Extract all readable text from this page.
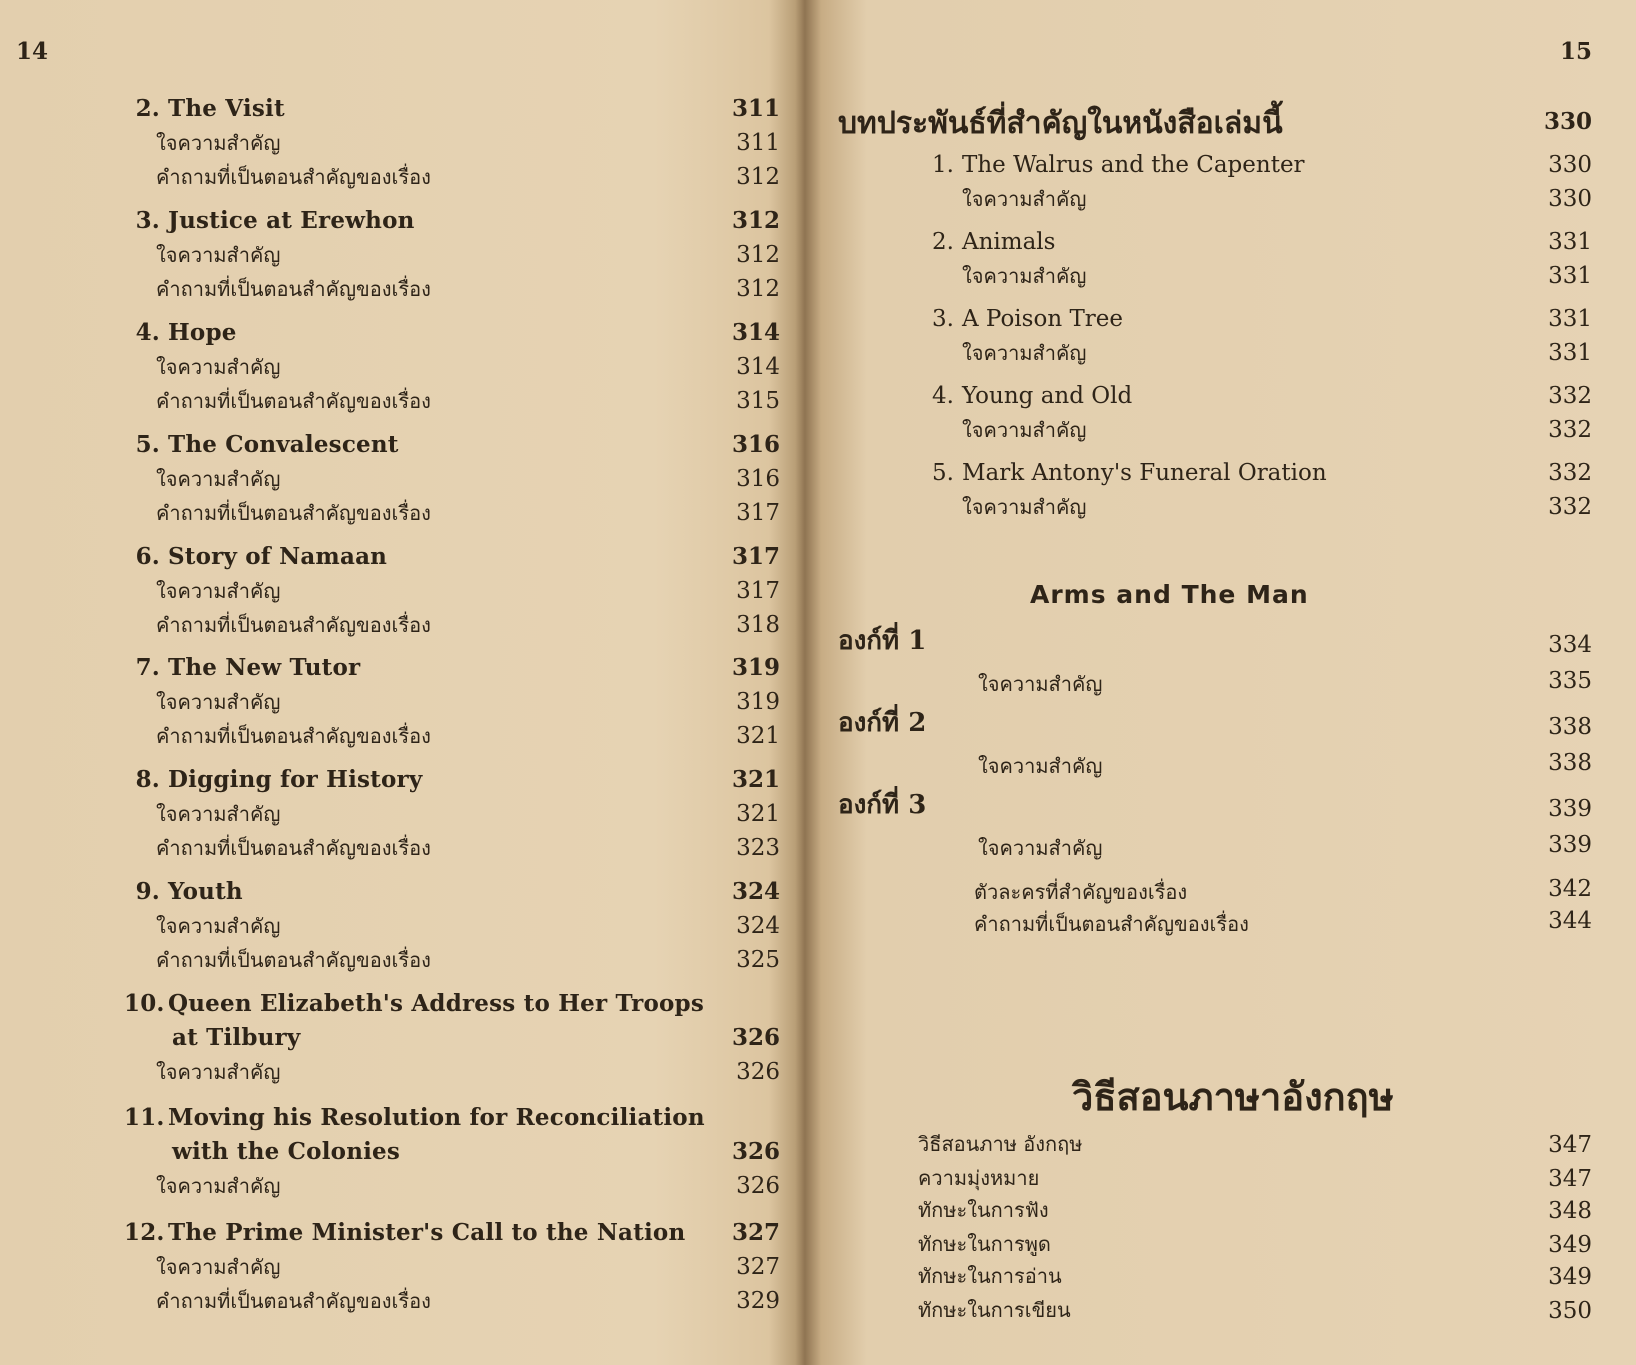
14
2. The Visit	311
ใจความสำคัญ	311
คำถามที่เป็นตอนสำคัญของเรื่อง	312
3. Justice at Erewhon	312
ใจความสำคัญ	312
คำถามที่เป็นตอนสำคัญของเรื่อง	312
4. Hope	314
ใจความสำคัญ	314
คำถามที่เป็นตอนสำคัญของเรื่อง	315
5. The Convalescent	316
ใจความสำคัญ	316
คำถามที่เป็นตอนสำคัญของเรื่อง	317
6. Story of Namaan	317
ใจความสำคัญ	317
คำถามที่เป็นตอนสำคัญของเรื่อง	318
7. The New Tutor	319
ใจความสำคัญ	319
คำถามที่เป็นตอนสำคัญของเรื่อง	321
8. Digging for History	321
ใจความสำคัญ	321
คำถามที่เป็นตอนสำคัญของเรื่อง	323
9. Youth	324
ใจความสำคัญ	324
คำถามที่เป็นตอนสำคัญของเรื่อง	325
10. Queen Elizabeth's Address to Her Troops
at Tilbury	326
ใจความสำคัญ	326
11. Moving his Resolution for Reconciliation
with the Colonies	326
ใจความสำคัญ	326
12. The Prime Minister's Call to the Nation	327
ใจความสำคัญ	327
คำถามที่เป็นตอนสำคัญของเรื่อง	329
15
บทประพันธ์ที่สำคัญในหนังสือเล่มนี้	330
1. The Walrus and the Capenter	330
ใจความสำคัญ	330
2. Animals	331
ใจความสำคัญ	331
3. A Poison Tree	331
ใจความสำคัญ	331
4. Young and Old	332
ใจความสำคัญ	332
5. Mark Antony's Funeral Oration	332
ใจความสำคัญ	332
Arms and The Man
องก์ที่ 1	334
ใจความสำคัญ	335
องก์ที่ 2	338
ใจความสำคัญ	338
องก์ที่ 3	339
ใจความสำคัญ	339
ตัวละครที่สำคัญของเรื่อง	342
คำถามที่เป็นตอนสำคัญของเรื่อง	344
วิธีสอนภาษาอังกฤษ
วิธีสอนภาษ อังกฤษ	347
ความมุ่งหมาย	347
ทักษะในการฟัง	348
ทักษะในการพูด	349
ทักษะในการอ่าน	349
ทักษะในการเขียน	350
